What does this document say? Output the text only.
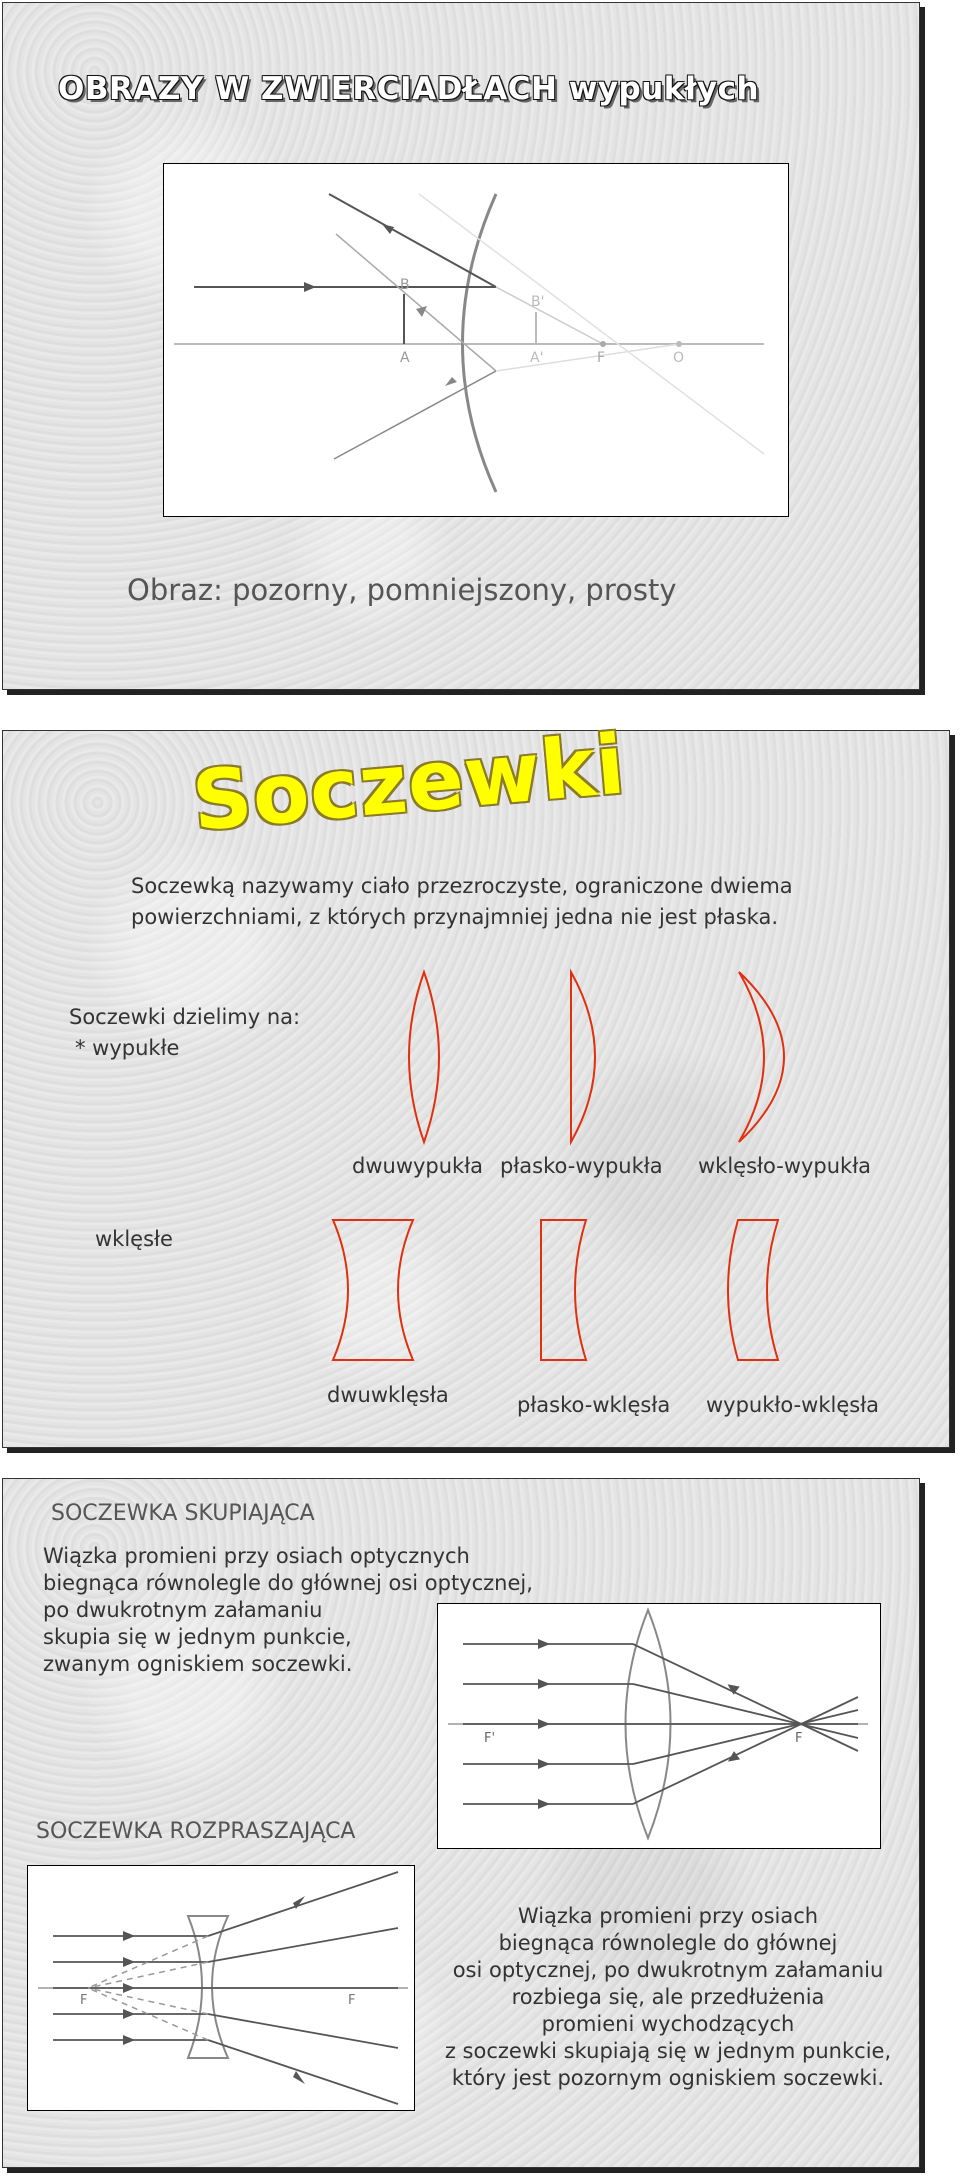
OBRAZY W ZWIERCIADŁACH wypukłych
B
A
B'
A'	F	O

Obraz: pozorny, pomniejszony, prosty

Soczewki

Soczewką nazywamy ciało przezroczyste, ograniczone dwiema
powierzchniami, z których przynajmniej jedna nie jest płaska.

Soczewki dzielimy na:

* wypukłe

dwuwypukła płasko-wypukła wklęsło-wypukła

wklęsłe

dwuwklęsła	płasko-wklęsła wypukło-wklęsła

SOCZEWKA SKUPIAJĄCA

Wiązka promieni przy osiach optycznych
biegnąca równolegle do głównej osi optycznej,
po dwukrotnym załamaniu
skupia się w jednym punkcie,
zwanym ogniskiem soczewki.
F'	F

SOCZEWKA ROZPRASZAJĄCA

F	F
Wiązka promieni przy osiach
biegnąca równolegle do głównej
osi optycznej, po dwukrotnym załamaniu
rozbiega się, ale przedłużenia
promieni wychodzących
z soczewki skupiają się w jednym punkcie,
który jest pozornym ogniskiem soczewki.
